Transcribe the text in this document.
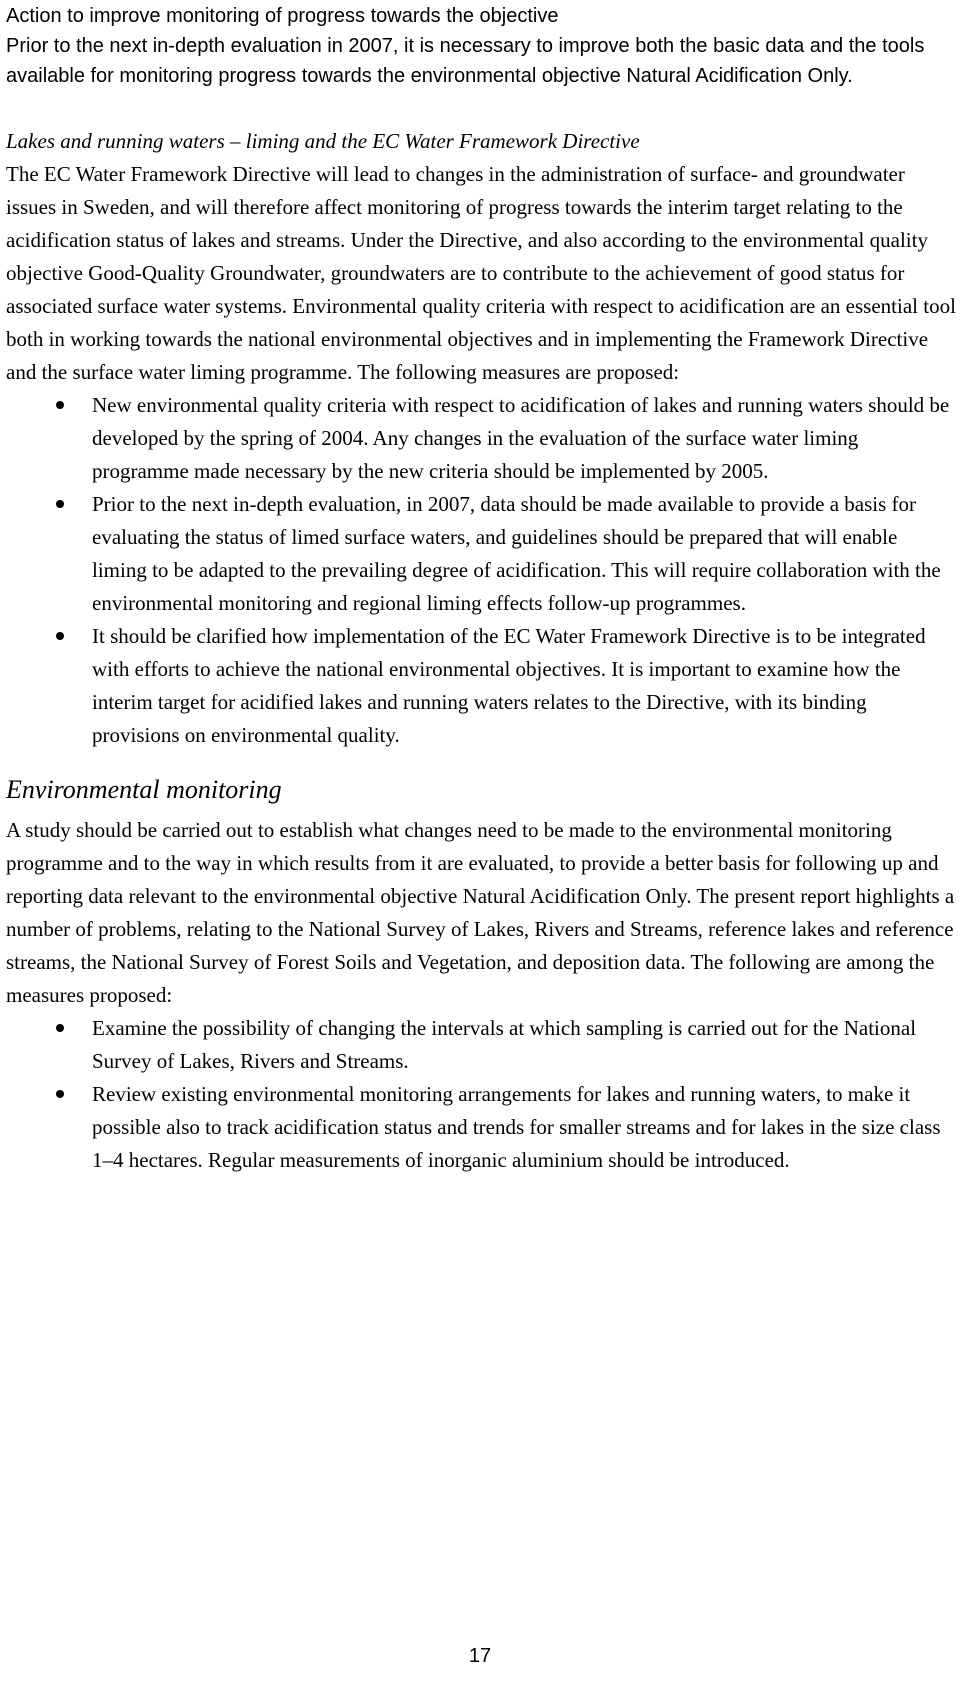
Action to improve monitoring of progress towards the objective

Prior to the next in-depth evaluation in 2007, it is necessary to improve both the basic data and the tools available for monitoring progress towards the environmental objective Natural Acidification Only.

Lakes and running waters – liming and the EC Water Framework Directive

The EC Water Framework Directive will lead to changes in the administration of surface- and groundwater issues in Sweden, and will therefore affect monitoring of progress towards the interim target relating to the acidification status of lakes and streams. Under the Directive, and also according to the environmental quality objective Good-Quality Groundwater, groundwaters are to contribute to the achievement of good status for associated surface water systems. Environmental quality criteria with respect to acidification are an essential tool both in working towards the national environmental objectives and in implementing the Framework Directive and the surface water liming programme. The following measures are proposed:

New environmental quality criteria with respect to acidification of lakes and running waters should be developed by the spring of 2004. Any changes in the evaluation of the surface water liming programme made necessary by the new criteria should be implemented by 2005.
Prior to the next in-depth evaluation, in 2007, data should be made available to provide a basis for evaluating the status of limed surface waters, and guidelines should be prepared that will enable liming to be adapted to the prevailing degree of acidification. This will require collaboration with the environmental monitoring and regional liming effects follow-up programmes.
It should be clarified how implementation of the EC Water Framework Directive is to be integrated with efforts to achieve the national environmental objectives. It is important to examine how the interim target for acidified lakes and running waters relates to the Directive, with its binding provisions on environmental quality.
Environmental monitoring

A study should be carried out to establish what changes need to be made to the environmental monitoring programme and to the way in which results from it are evaluated, to provide a better basis for following up and reporting data relevant to the environmental objective Natural Acidification Only. The present report highlights a number of problems, relating to the National Survey of Lakes, Rivers and Streams, reference lakes and reference streams, the National Survey of Forest Soils and Vegetation, and deposition data. The following are among the measures proposed:

Examine the possibility of changing the intervals at which sampling is carried out for the National Survey of Lakes, Rivers and Streams.
Review existing environmental monitoring arrangements for lakes and running waters, to make it possible also to track acidification status and trends for smaller streams and for lakes in the size class 1–4 hectares. Regular measurements of inorganic aluminium should be introduced.
17
